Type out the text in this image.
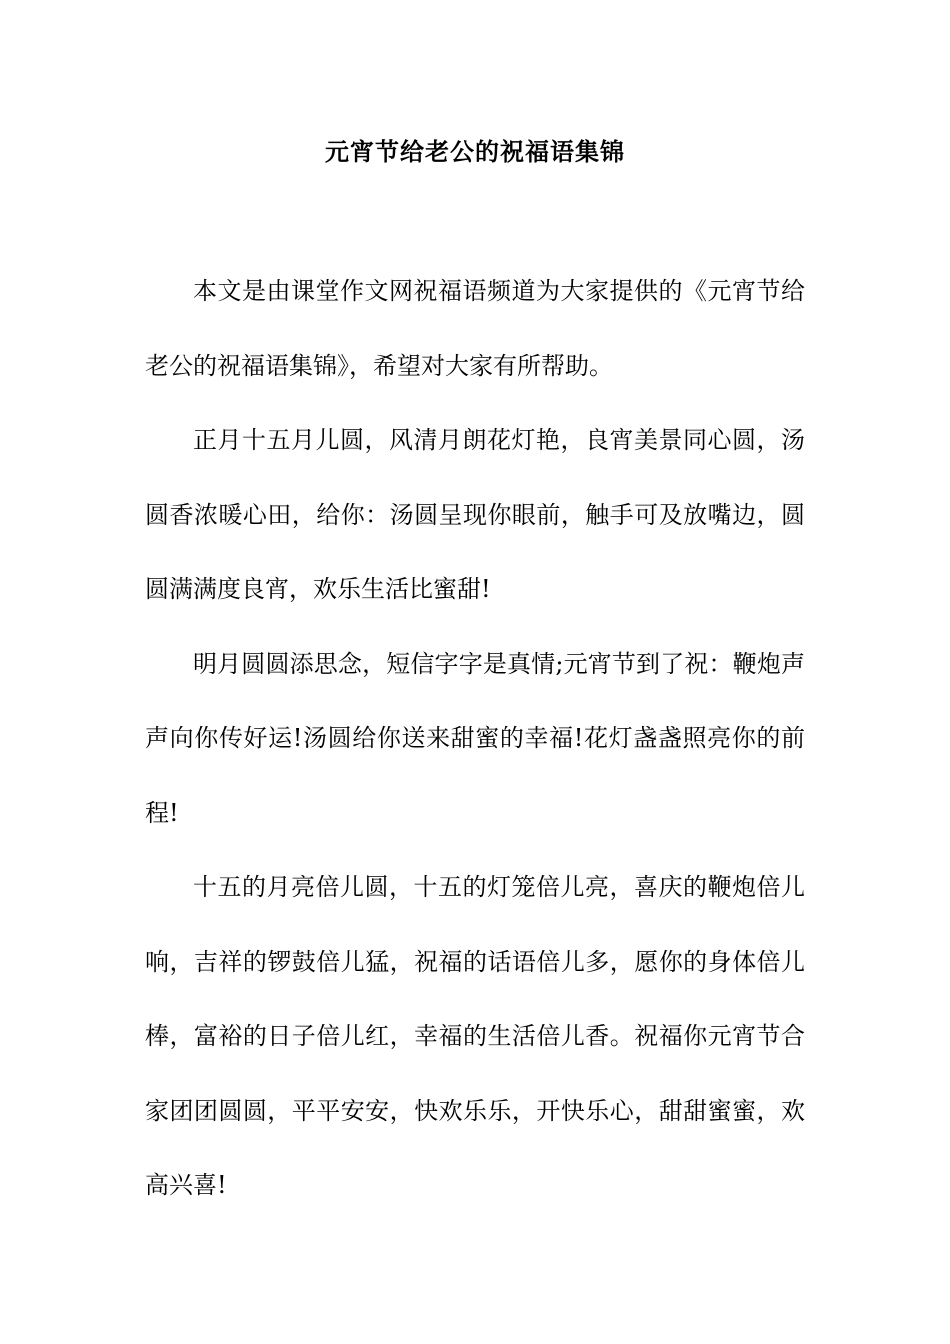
元宵节给老公的祝福语集锦

本文是由课堂作文网祝福语频道为大家提供的《元宵节给老公的祝福语集锦》，希望对大家有所帮助。

正月十五月儿圆，风清月朗花灯艳，良宵美景同心圆，汤圆香浓暖心田，给你：汤圆呈现你眼前，触手可及放嘴边，圆圆满满度良宵，欢乐生活比蜜甜!

明月圆圆添思念，短信字字是真情;元宵节到了祝：鞭炮声声向你传好运!汤圆给你送来甜蜜的幸福!花灯盏盏照亮你的前程!

十五的月亮倍儿圆，十五的灯笼倍儿亮，喜庆的鞭炮倍儿响，吉祥的锣鼓倍儿猛，祝福的话语倍儿多，愿你的身体倍儿棒，富裕的日子倍儿红，幸福的生活倍儿香。祝福你元宵节合家团团圆圆，平平安安，快欢乐乐，开快乐心，甜甜蜜蜜，欢高兴喜!
